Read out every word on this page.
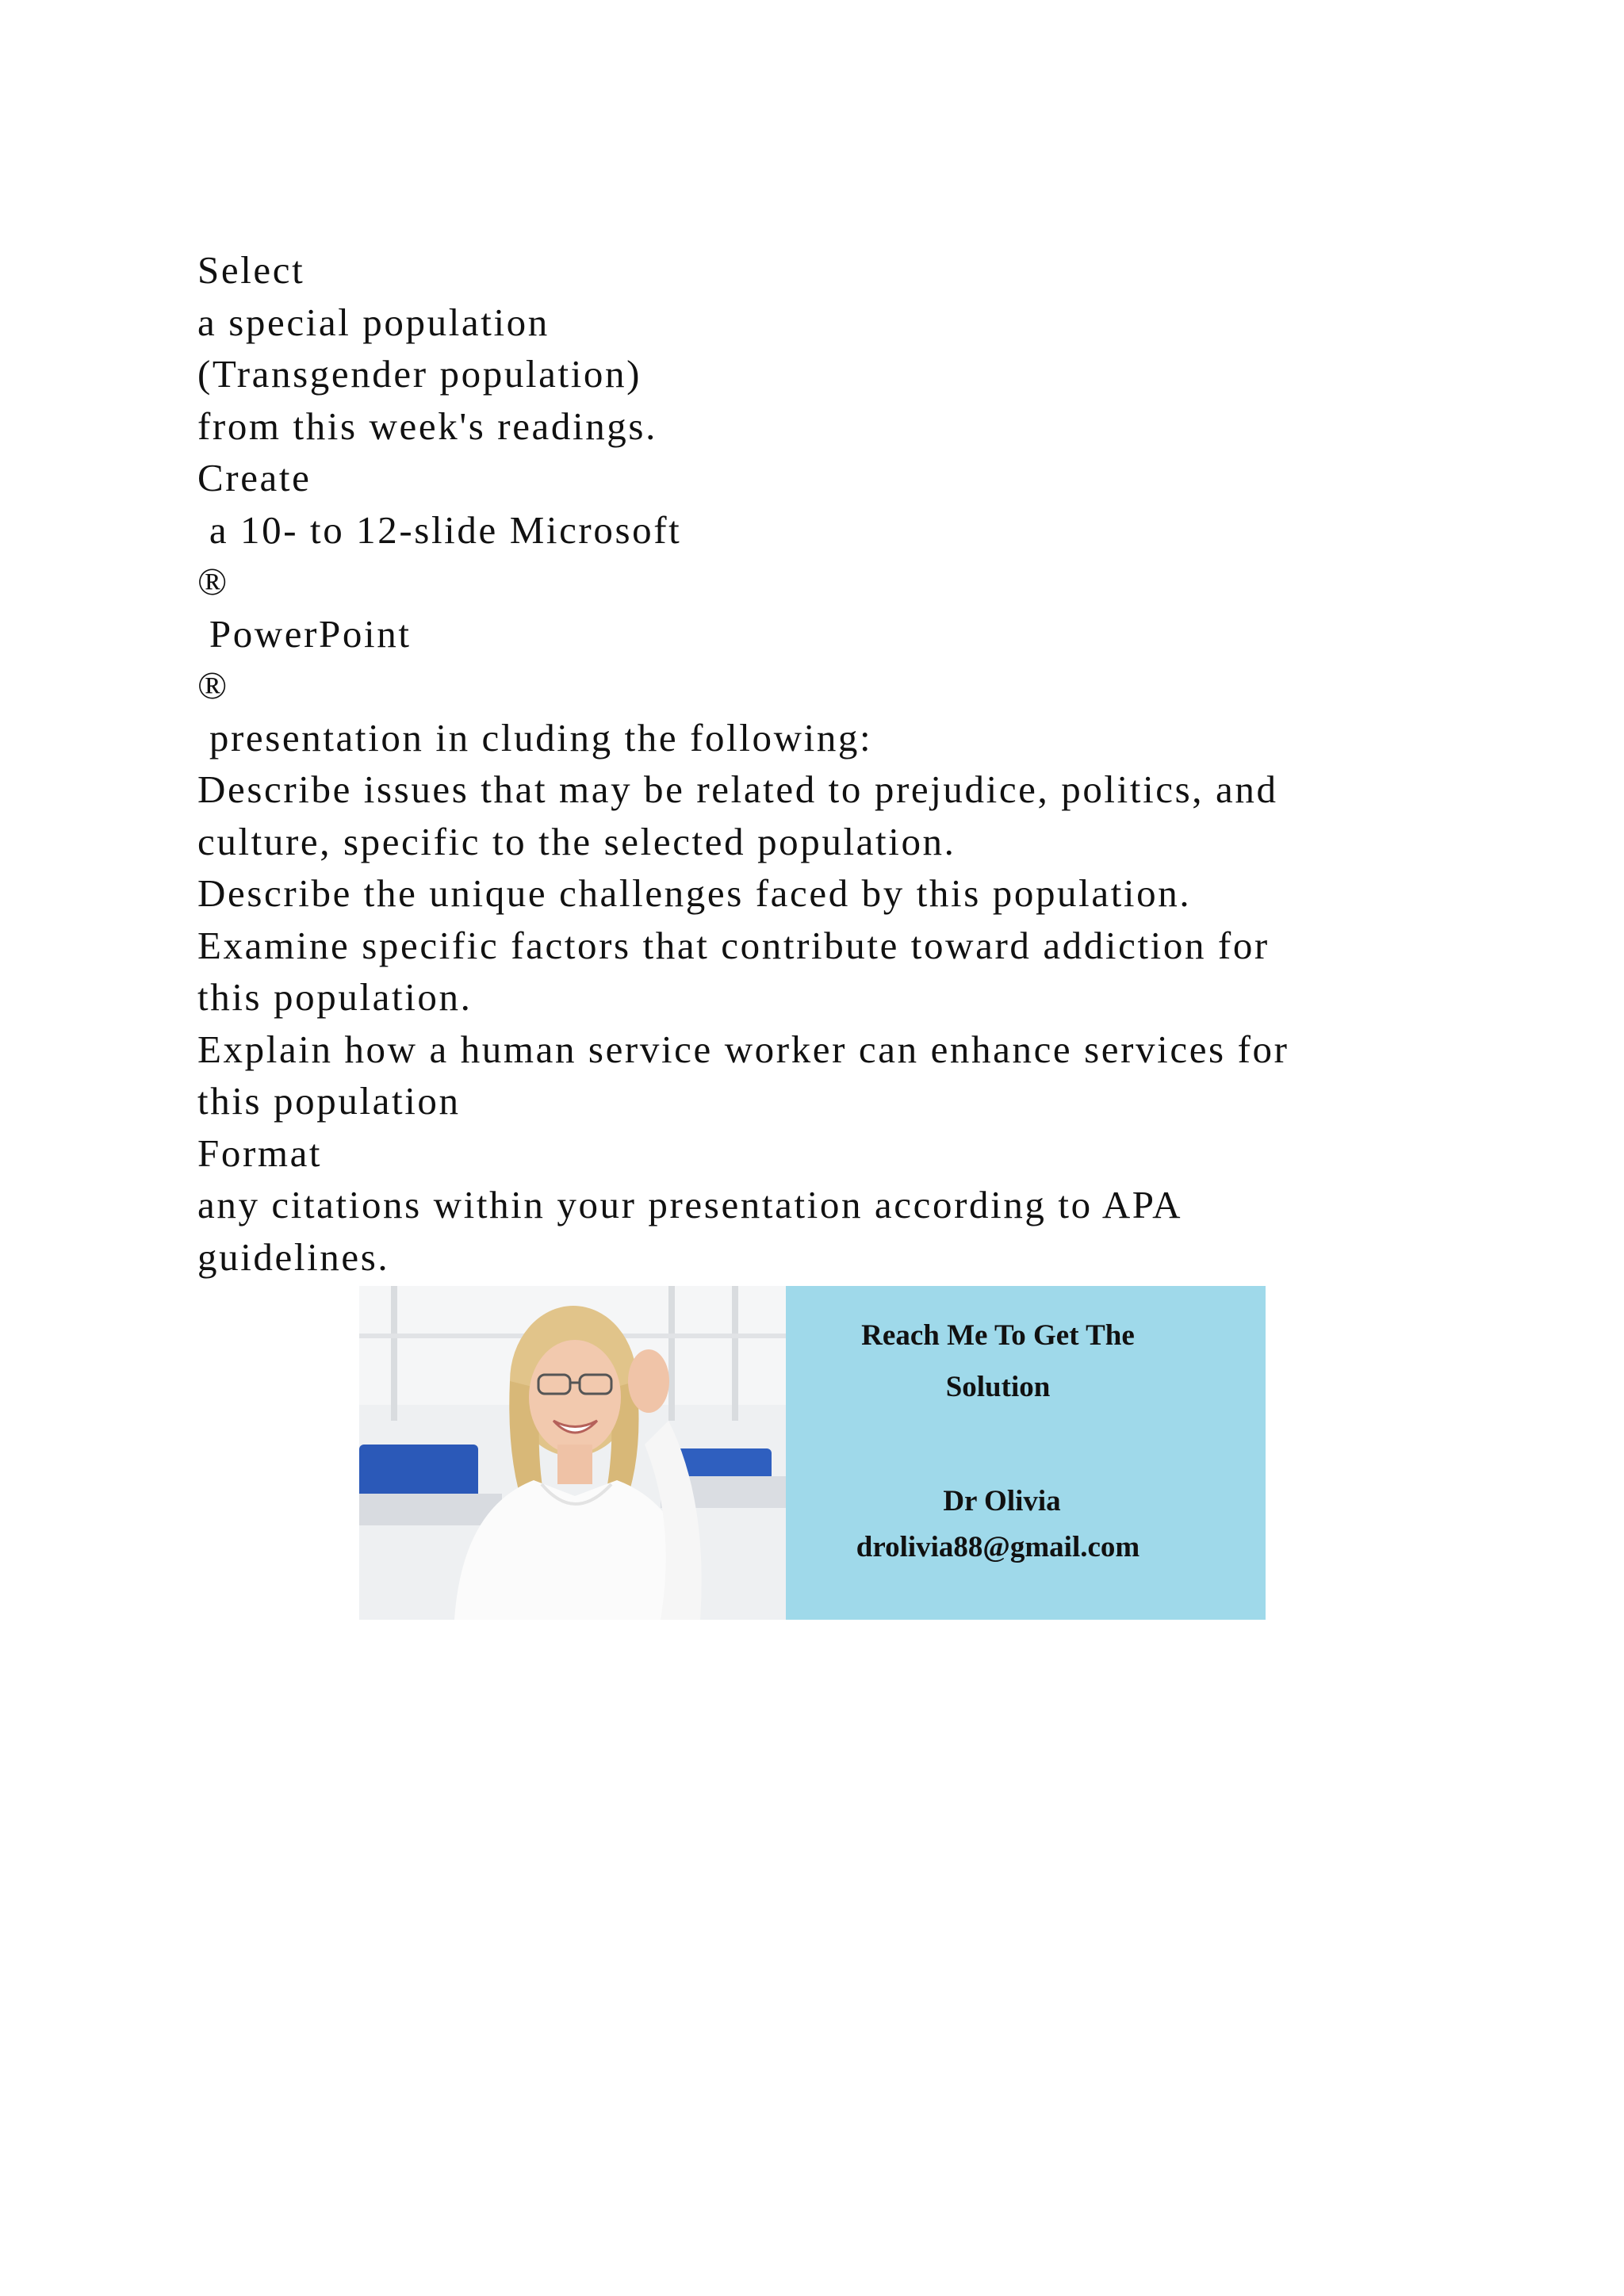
Select
a special population
(Transgender population)
from this week's readings.
Create
a 10- to 12-slide Microsoft
®
PowerPoint
®
presentation in cluding the following:
Describe issues that may be related to prejudice, politics, and
culture, specific to the selected population.
Describe the unique challenges faced by this population.
Examine specific factors that contribute toward addiction for
this population.
Explain how a human service worker can enhance services for
this population
Format
any citations within your presentation according to APA
guidelines.
Reach Me To Get The
Solution
Dr Olivia
drolivia88@gmail.com
